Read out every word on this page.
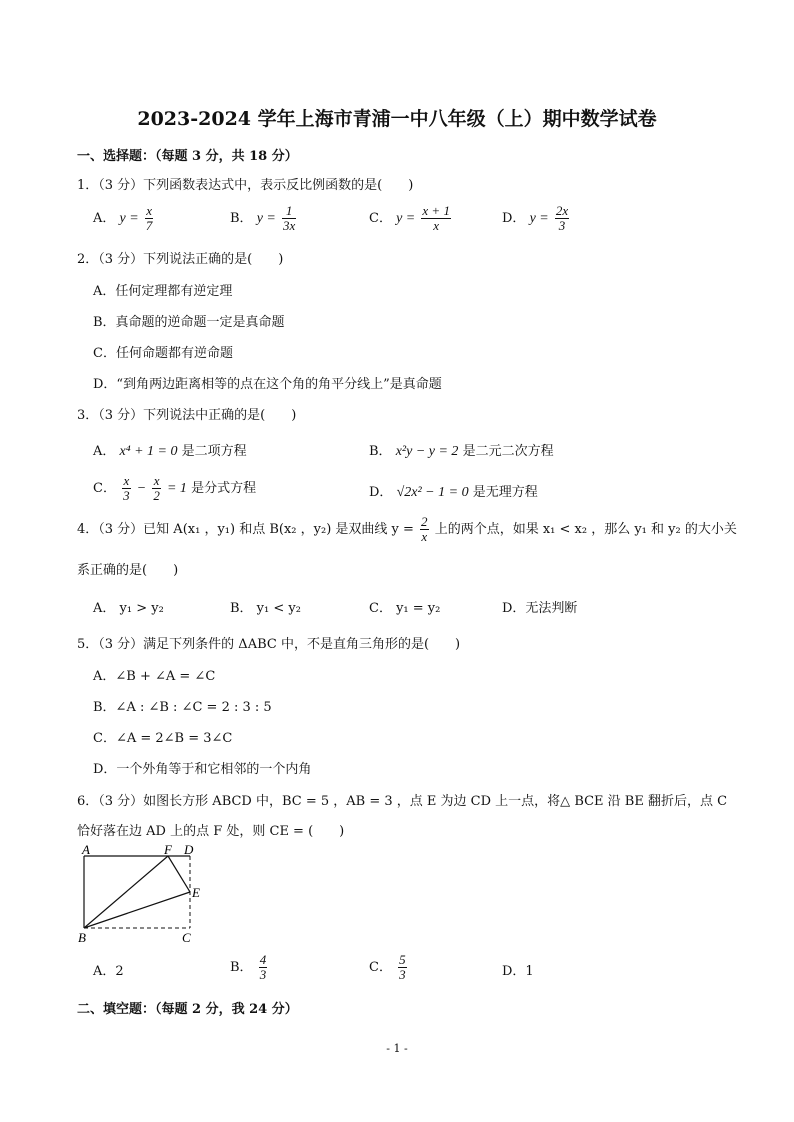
2023-2024 学年上海市青浦一中八年级（上）期中数学试卷
一、选择题：（每题 3 分，共 18 分）
1．（3 分）下列函数表达式中，表示反比例函数的是(　　)
A． $y = \frac{x}{7}$	B． $y = \frac{1}{3x}$	C． $y = \frac{x + 1}{x}$	D． $y = \frac{2x}{3}$
2．（3 分）下列说法正确的是(　　)
A．任何定理都有逆定理
B．真命题的逆命题一定是真命题
C．任何命题都有逆命题
D．“到角两边距离相等的点在这个角的角平分线上”是真命题
3．（3 分）下列说法中正确的是(　　)
A． x⁴ + 1 = 0 是二项方程	B． x²y − y = 2 是二元二次方程
C． $\frac{x}{3} - \frac{x}{2} = 1$ 是分式方程	D． √2x² − 1 = 0 是无理方程
4．（3 分）已知 A(x₁ ，y₁) 和点 B(x₂ ，y₂) 是双曲线 $y = \frac{2}{x}$ 上的两个点，如果 x₁ < x₂ ，那么 y₁ 和 y₂ 的大小关
系正确的是(　　)
A． y₁ > y₂	B． y₁ < y₂	C． y₁ = y₂	D．无法判断
5．（3 分）满足下列条件的 ΔABC 中，不是直角三角形的是(　　)
A．∠B + ∠A = ∠C
B．∠A : ∠B : ∠C = 2 : 3 : 5
C．∠A = 2∠B = 3∠C
D．一个外角等于和它相邻的一个内角
6．（3 分）如图长方形 ABCD 中，BC = 5 ，AB = 3 ，点 E 为边 CD 上一点，将△ BCE 沿 BE 翻折后，点 C
恰好落在边 AD 上的点 F 处，则 CE = (　　)
A	F D
E
B	C
A．2	B． $\frac{4}{3}$	C． $\frac{5}{3}$	D．1
二、填空题：（每题 2 分，我 24 分）
- 1 -
